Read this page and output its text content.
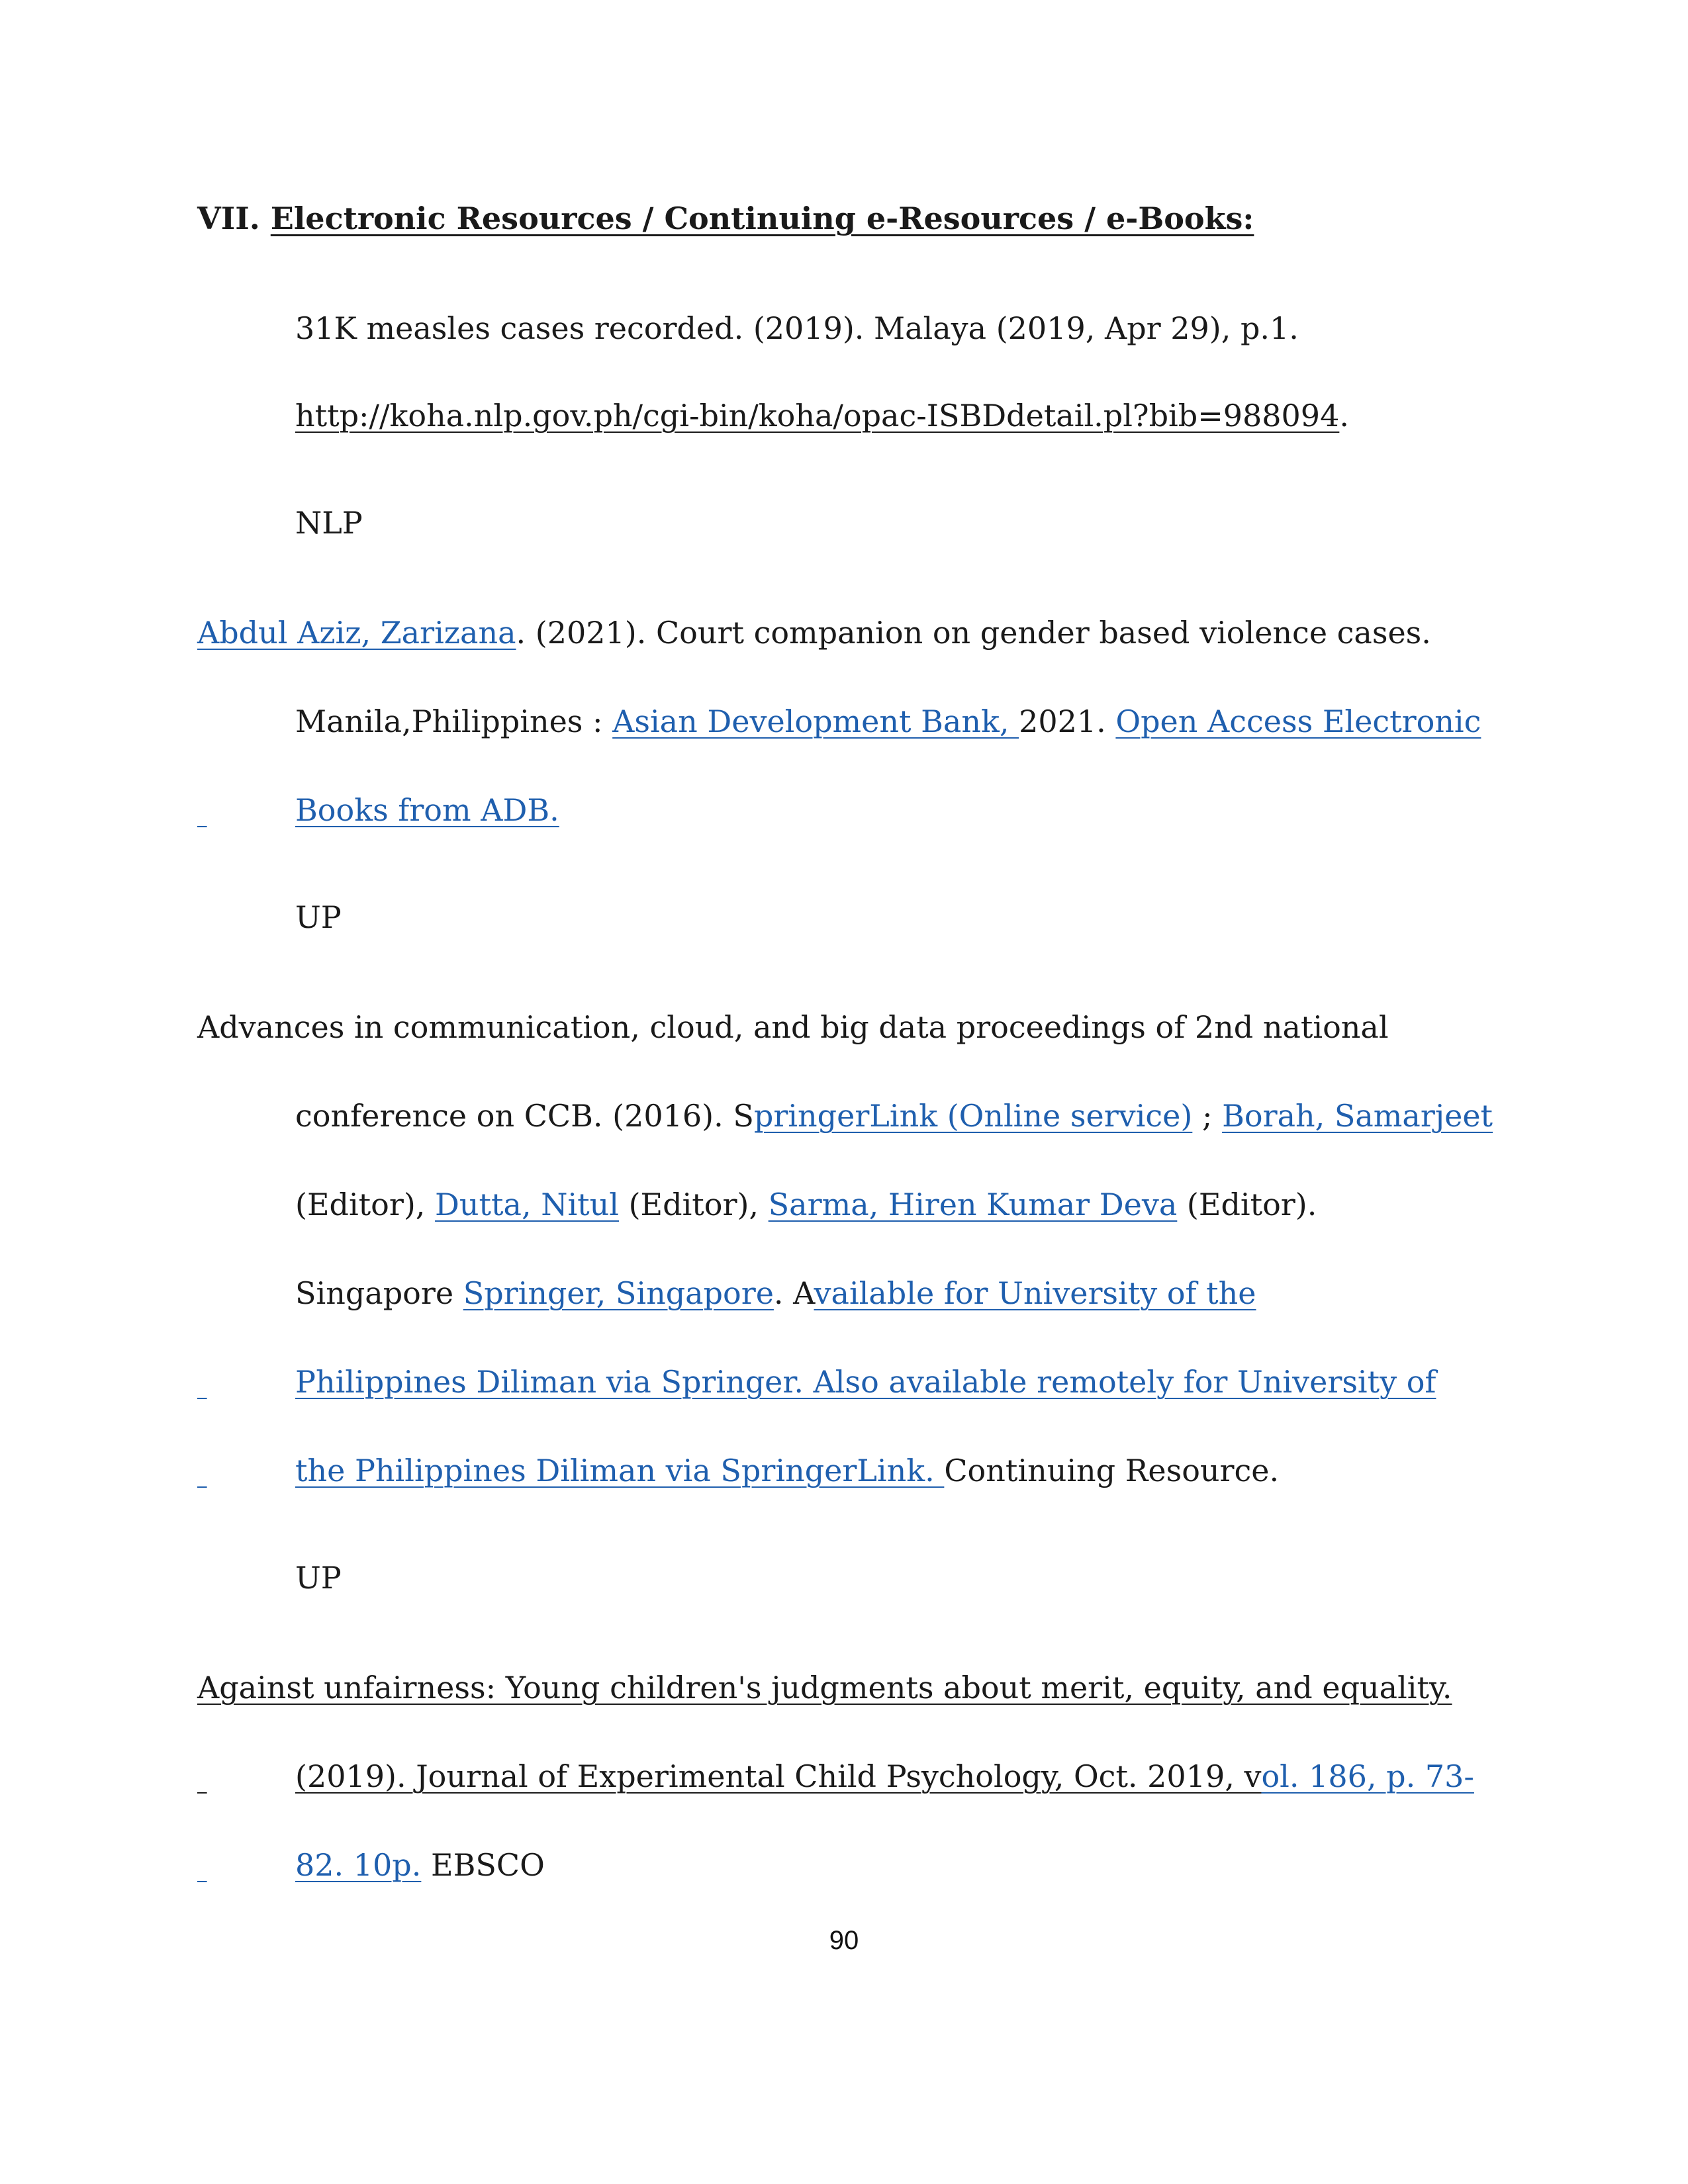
VII. Electronic Resources / Continuing e-Resources / e-Books:
31K measles cases recorded. (2019). Malaya (2019, Apr 29), p.1.
http://koha.nlp.gov.ph/cgi-bin/koha/opac-ISBDdetail.pl?bib=988094.
NLP
Abdul Aziz, Zarizana. (2021). Court companion on gender based violence cases.
Manila,Philippines : Asian Development Bank, 2021. Open Access Electronic
Books from ADB.
UP
Advances in communication, cloud, and big data proceedings of 2nd national
conference on CCB. (2016). SpringerLink (Online service) ; Borah, Samarjeet
(Editor), Dutta, Nitul (Editor), Sarma, Hiren Kumar Deva (Editor).
Singapore Springer, Singapore. Available for University of the
Philippines Diliman via Springer. Also available remotely for University of
the Philippines Diliman via SpringerLink. Continuing Resource.
UP
Against unfairness: Young children's judgments about merit, equity, and equality.
(2019). Journal of Experimental Child Psychology, Oct. 2019, vol. 186, p. 73-
82. 10p. EBSCO
90
